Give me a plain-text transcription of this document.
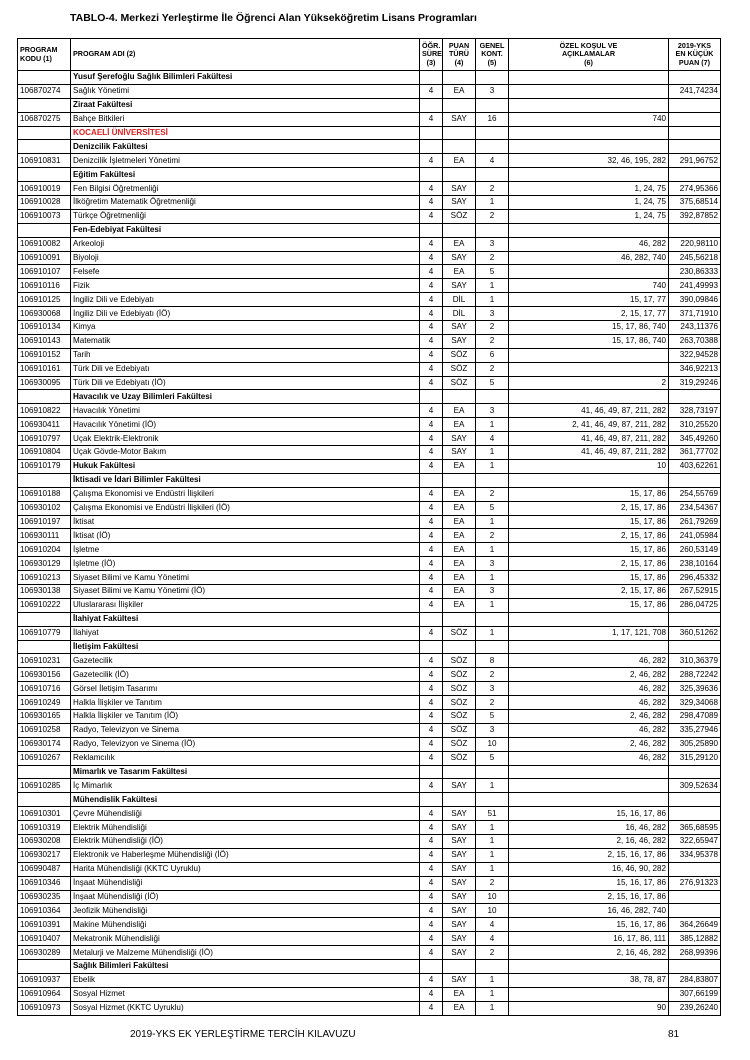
TABLO-4. Merkezi Yerleştirme İle Öğrenci Alan Yükseköğretim Lisans Programları
PROGRAM
KODU (1)	PROGRAM ADI (2)	ÖĞR.
SÜRE
(3)	PUAN
TÜRÜ
(4)	GENEL
KONT.
(5)	ÖZEL KOŞUL VE
AÇIKLAMALAR
(6)	2019-YKS
EN KÜÇÜK
PUAN (7)
	Yusuf Şerefoğlu Sağlık Bilimleri Fakültesi					
106870274	Sağlık Yönetimi	4	EA	3		241,74234
	Ziraat Fakültesi					
106870275	Bahçe Bitkileri	4	SAY	16	740	
	KOCAELİ ÜNİVERSİTESİ					
	Denizcilik Fakültesi					
106910831	Denizcilik İşletmeleri Yönetimi	4	EA	4	32, 46, 195, 282	291,96752
	Eğitim Fakültesi					
106910019	Fen Bilgisi Öğretmenliği	4	SAY	2	1, 24, 75	274,95366
106910028	İlköğretim Matematik Öğretmenliği	4	SAY	1	1, 24, 75	375,68514
106910073	Türkçe Öğretmenliği	4	SÖZ	2	1, 24, 75	392,87852
	Fen-Edebiyat Fakültesi					
106910082	Arkeoloji	4	EA	3	46, 282	220,98110
106910091	Biyoloji	4	SAY	2	46, 282, 740	245,56218
106910107	Felsefe	4	EA	5		230,86333
106910116	Fizik	4	SAY	1	740	241,49993
106910125	İngiliz Dili ve Edebiyatı	4	DİL	1	15, 17, 77	390,09846
106930068	İngiliz Dili ve Edebiyatı (İÖ)	4	DİL	3	2, 15, 17, 77	371,71910
106910134	Kimya	4	SAY	2	15, 17, 86, 740	243,11376
106910143	Matematik	4	SAY	2	15, 17, 86, 740	263,70388
106910152	Tarih	4	SÖZ	6		322,94528
106910161	Türk Dili ve Edebiyatı	4	SÖZ	2		346,92213
106930095	Türk Dili ve Edebiyatı (İÖ)	4	SÖZ	5	2	319,29246
	Havacılık ve Uzay Bilimleri Fakültesi					
106910822	Havacılık Yönetimi	4	EA	3	41, 46, 49, 87, 211, 282	328,73197
106930411	Havacılık Yönetimi (İÖ)	4	EA	1	2, 41, 46, 49, 87, 211, 282	310,25520
106910797	Uçak Elektrik-Elektronik	4	SAY	4	41, 46, 49, 87, 211, 282	345,49260
106910804	Uçak Gövde-Motor Bakım	4	SAY	1	41, 46, 49, 87, 211, 282	361,77702
106910179	Hukuk Fakültesi	4	EA	1	10	403,62261
	İktisadi ve İdari Bilimler Fakültesi					
106910188	Çalışma Ekonomisi ve Endüstri İlişkileri	4	EA	2	15, 17, 86	254,55769
106930102	Çalışma Ekonomisi ve Endüstri İlişkileri (İÖ)	4	EA	5	2, 15, 17, 86	234,54367
106910197	İktisat	4	EA	1	15, 17, 86	261,79269
106930111	İktisat (İÖ)	4	EA	2	2, 15, 17, 86	241,05984
106910204	İşletme	4	EA	1	15, 17, 86	260,53149
106930129	İşletme (İÖ)	4	EA	3	2, 15, 17, 86	238,10164
106910213	Siyaset Bilimi ve Kamu Yönetimi	4	EA	1	15, 17, 86	296,45332
106930138	Siyaset Bilimi ve Kamu Yönetimi (İÖ)	4	EA	3	2, 15, 17, 86	267,52915
106910222	Uluslararası İlişkiler	4	EA	1	15, 17, 86	286,04725
	İlahiyat Fakültesi					
106910779	İlahiyat	4	SÖZ	1	1, 17, 121, 708	360,51262
	İletişim Fakültesi					
106910231	Gazetecilik	4	SÖZ	8	46, 282	310,36379
106930156	Gazetecilik (İÖ)	4	SÖZ	2	2, 46, 282	288,72242
106910716	Görsel İletişim Tasarımı	4	SÖZ	3	46, 282	325,39636
106910249	Halkla İlişkiler ve Tanıtım	4	SÖZ	2	46, 282	329,34068
106930165	Halkla İlişkiler ve Tanıtım (İÖ)	4	SÖZ	5	2, 46, 282	298,47089
106910258	Radyo, Televizyon ve Sinema	4	SÖZ	3	46, 282	335,27946
106930174	Radyo, Televizyon ve Sinema (İÖ)	4	SÖZ	10	2, 46, 282	305,25890
106910267	Reklamcılık	4	SÖZ	5	46, 282	315,29120
	Mimarlık ve Tasarım Fakültesi					
106910285	İç Mimarlık	4	SAY	1		309,52634
	Mühendislik Fakültesi					
106910301	Çevre Mühendisliği	4	SAY	51	15, 16, 17, 86	
106910319	Elektrik Mühendisliği	4	SAY	1	16, 46, 282	365,68595
106930208	Elektrik Mühendisliği (İÖ)	4	SAY	1	2, 16, 46, 282	322,65947
106930217	Elektronik ve Haberleşme Mühendisliği (İÖ)	4	SAY	1	2, 15, 16, 17, 86	334,95378
106990487	Harita Mühendisliği (KKTC Uyruklu)	4	SAY	1	16, 46, 90, 282	
106910346	İnşaat Mühendisliği	4	SAY	2	15, 16, 17, 86	276,91323
106930235	İnşaat Mühendisliği (İÖ)	4	SAY	10	2, 15, 16, 17, 86	
106910364	Jeofizik Mühendisliği	4	SAY	10	16, 46, 282, 740	
106910391	Makine Mühendisliği	4	SAY	4	15, 16, 17, 86	364,26649
106910407	Mekatronik Mühendisliği	4	SAY	4	16, 17, 86, 111	385,12882
106930289	Metalurji ve Malzeme Mühendisliği (İÖ)	4	SAY	2	2, 16, 46, 282	268,99396
	Sağlık Bilimleri Fakültesi					
106910937	Ebelik	4	SAY	1	38, 78, 87	284,83807
106910964	Sosyal Hizmet	4	EA	1		307,66199
106910973	Sosyal Hizmet (KKTC Uyruklu)	4	EA	1	90	239,26240
2019-YKS EK YERLEŞTİRME TERCİH KILAVUZU	81
